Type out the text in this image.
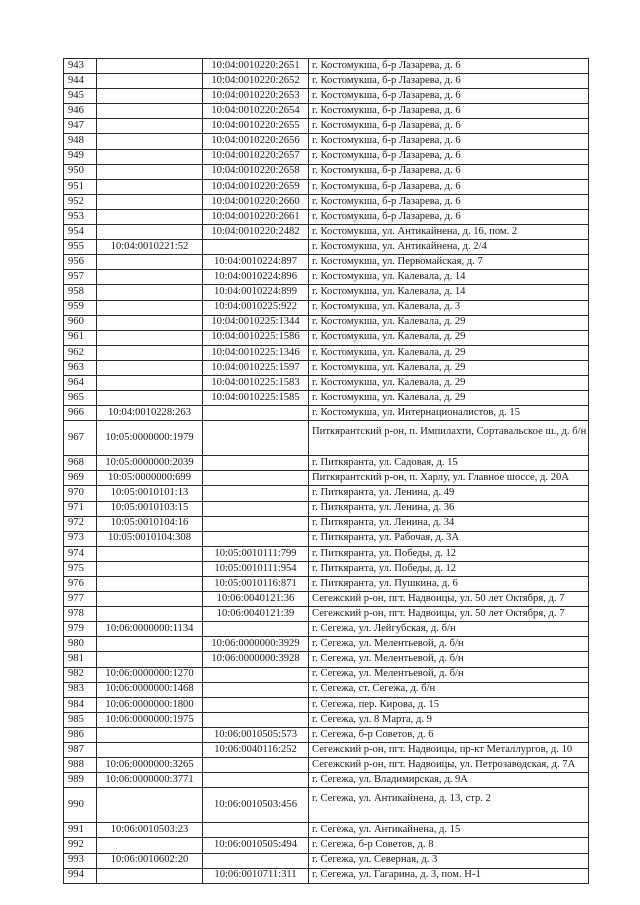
943		10:04:0010220:2651	г. Костомукша, б-р Лазарева, д. 6
944		10:04:0010220:2652	г. Костомукша, б-р Лазарева, д. 6
945		10:04:0010220:2653	г. Костомукша, б-р Лазарева, д. 6
946		10:04:0010220:2654	г. Костомукша, б-р Лазарева, д. 6
947		10:04:0010220:2655	г. Костомукша, б-р Лазарева, д. 6
948		10:04:0010220:2656	г. Костомукша, б-р Лазарева, д. 6
949		10:04:0010220:2657	г. Костомукша, б-р Лазарева, д. 6
950		10:04:0010220:2658	г. Костомукша, б-р Лазарева, д. 6
951		10:04:0010220:2659	г. Костомукша, б-р Лазарева, д. 6
952		10:04:0010220:2660	г. Костомукша, б-р Лазарева, д. 6
953		10:04:0010220:2661	г. Костомукша, б-р Лазарева, д. 6
954		10:04:0010220:2482	г. Костомукша, ул. Антикайнена, д. 16, пом. 2
955	10:04:0010221:52		г. Костомукша, ул. Антикайнена, д. 2/4
956		10:04:0010224:897	г. Костомукша, ул. Первомайская, д. 7
957		10:04:0010224:896	г. Костомукша, ул. Калевала, д. 14
958		10:04:0010224:899	г. Костомукша, ул. Калевала, д. 14
959		10:04:0010225:922	г. Костомукша, ул. Калевала, д. 3
960		10:04:0010225:1344	г. Костомукша, ул. Калевала, д. 29
961		10:04:0010225:1586	г. Костомукша, ул. Калевала, д. 29
962		10:04:0010225:1346	г. Костомукша, ул. Калевала, д. 29
963		10:04:0010225:1597	г. Костомукша, ул. Калевала, д. 29
964		10:04:0010225:1583	г. Костомукша, ул. Калевала, д. 29
965		10:04:0010225:1585	г. Костомукша, ул. Калевала, д. 29
966	10:04:0010228:263		г. Костомукша, ул. Интернационалистов, д. 15
967	10:05:0000000:1979		Питкярантский р-он, п. Импилахти, Сортавальское ш., д. б/н
968	10:05:0000000:2039		г. Питкяранта, ул. Садовая, д. 15
969	10:05:0000000:699		Питкярантский р-он, п. Харлу, ул. Главное шоссе, д. 20А
970	10:05:0010101:13		г. Питкяранта, ул. Ленина, д. 49
971	10:05:0010103:15		г. Питкяранта, ул. Ленина, д. 36
972	10:05:0010104:16		г. Питкяранта, ул. Ленина, д. 34
973	10:05:0010104:308		г. Питкяранта, ул. Рабочая, д. 3А
974		10:05:0010111:799	г. Питкяранта, ул. Победы, д. 12
975		10:05:0010111:954	г. Питкяранта, ул. Победы, д. 12
976		10:05:0010116:871	г. Питкяранта, ул. Пушкина, д. 6
977		10:06:0040121:36	Сегежский р-он, пгт. Надвоицы, ул. 50 лет Октября, д. 7
978		10:06:0040121:39	Сегежский р-он, пгт. Надвоицы, ул. 50 лет Октября, д. 7
979	10:06:0000000:1134		г. Сегежа, ул. Лейгубская, д. б/н
980		10:06:0000000:3929	г. Сегежа, ул. Мелентьевой, д. б/н
981		10:06:0000000:3928	г. Сегежа, ул. Мелентьевой, д. б/н
982	10:06:0000000:1270		г. Сегежа, ул. Мелентьевой, д. б/н
983	10:06:0000000:1468		г. Сегежа, ст. Сегежа, д. б/н
984	10:06:0000000:1800		г. Сегежа, пер. Кирова, д. 15
985	10:06:0000000:1975		г. Сегежа, ул. 8 Марта, д. 9
986		10:06:0010505:573	г. Сегежа, б-р Советов, д. 6
987		10:06:0040116:252	Сегежский р-он, пгт. Надвоицы, пр-кт Металлургов, д. 10
988	10:06:0000000:3265		Сегежский р-он, пгт. Надвоицы, ул. Петрозаводская, д. 7А
989	10:06:0000000:3771		г. Сегежа, ул. Владимирская, д. 9А
990		10:06:0010503:456	г. Сегежа, ул. Антикайнена, д. 13, стр. 2
991	10:06:0010503:23		г. Сегежа, ул. Антикайнена, д. 15
992		10:06:0010505:494	г. Сегежа, б-р Советов, д. 8
993	10:06:0010602:20		г. Сегежа, ул. Северная, д. 3
994		10:06:0010711:311	г. Сегежа, ул. Гагарина, д. 3, пом. Н-1
